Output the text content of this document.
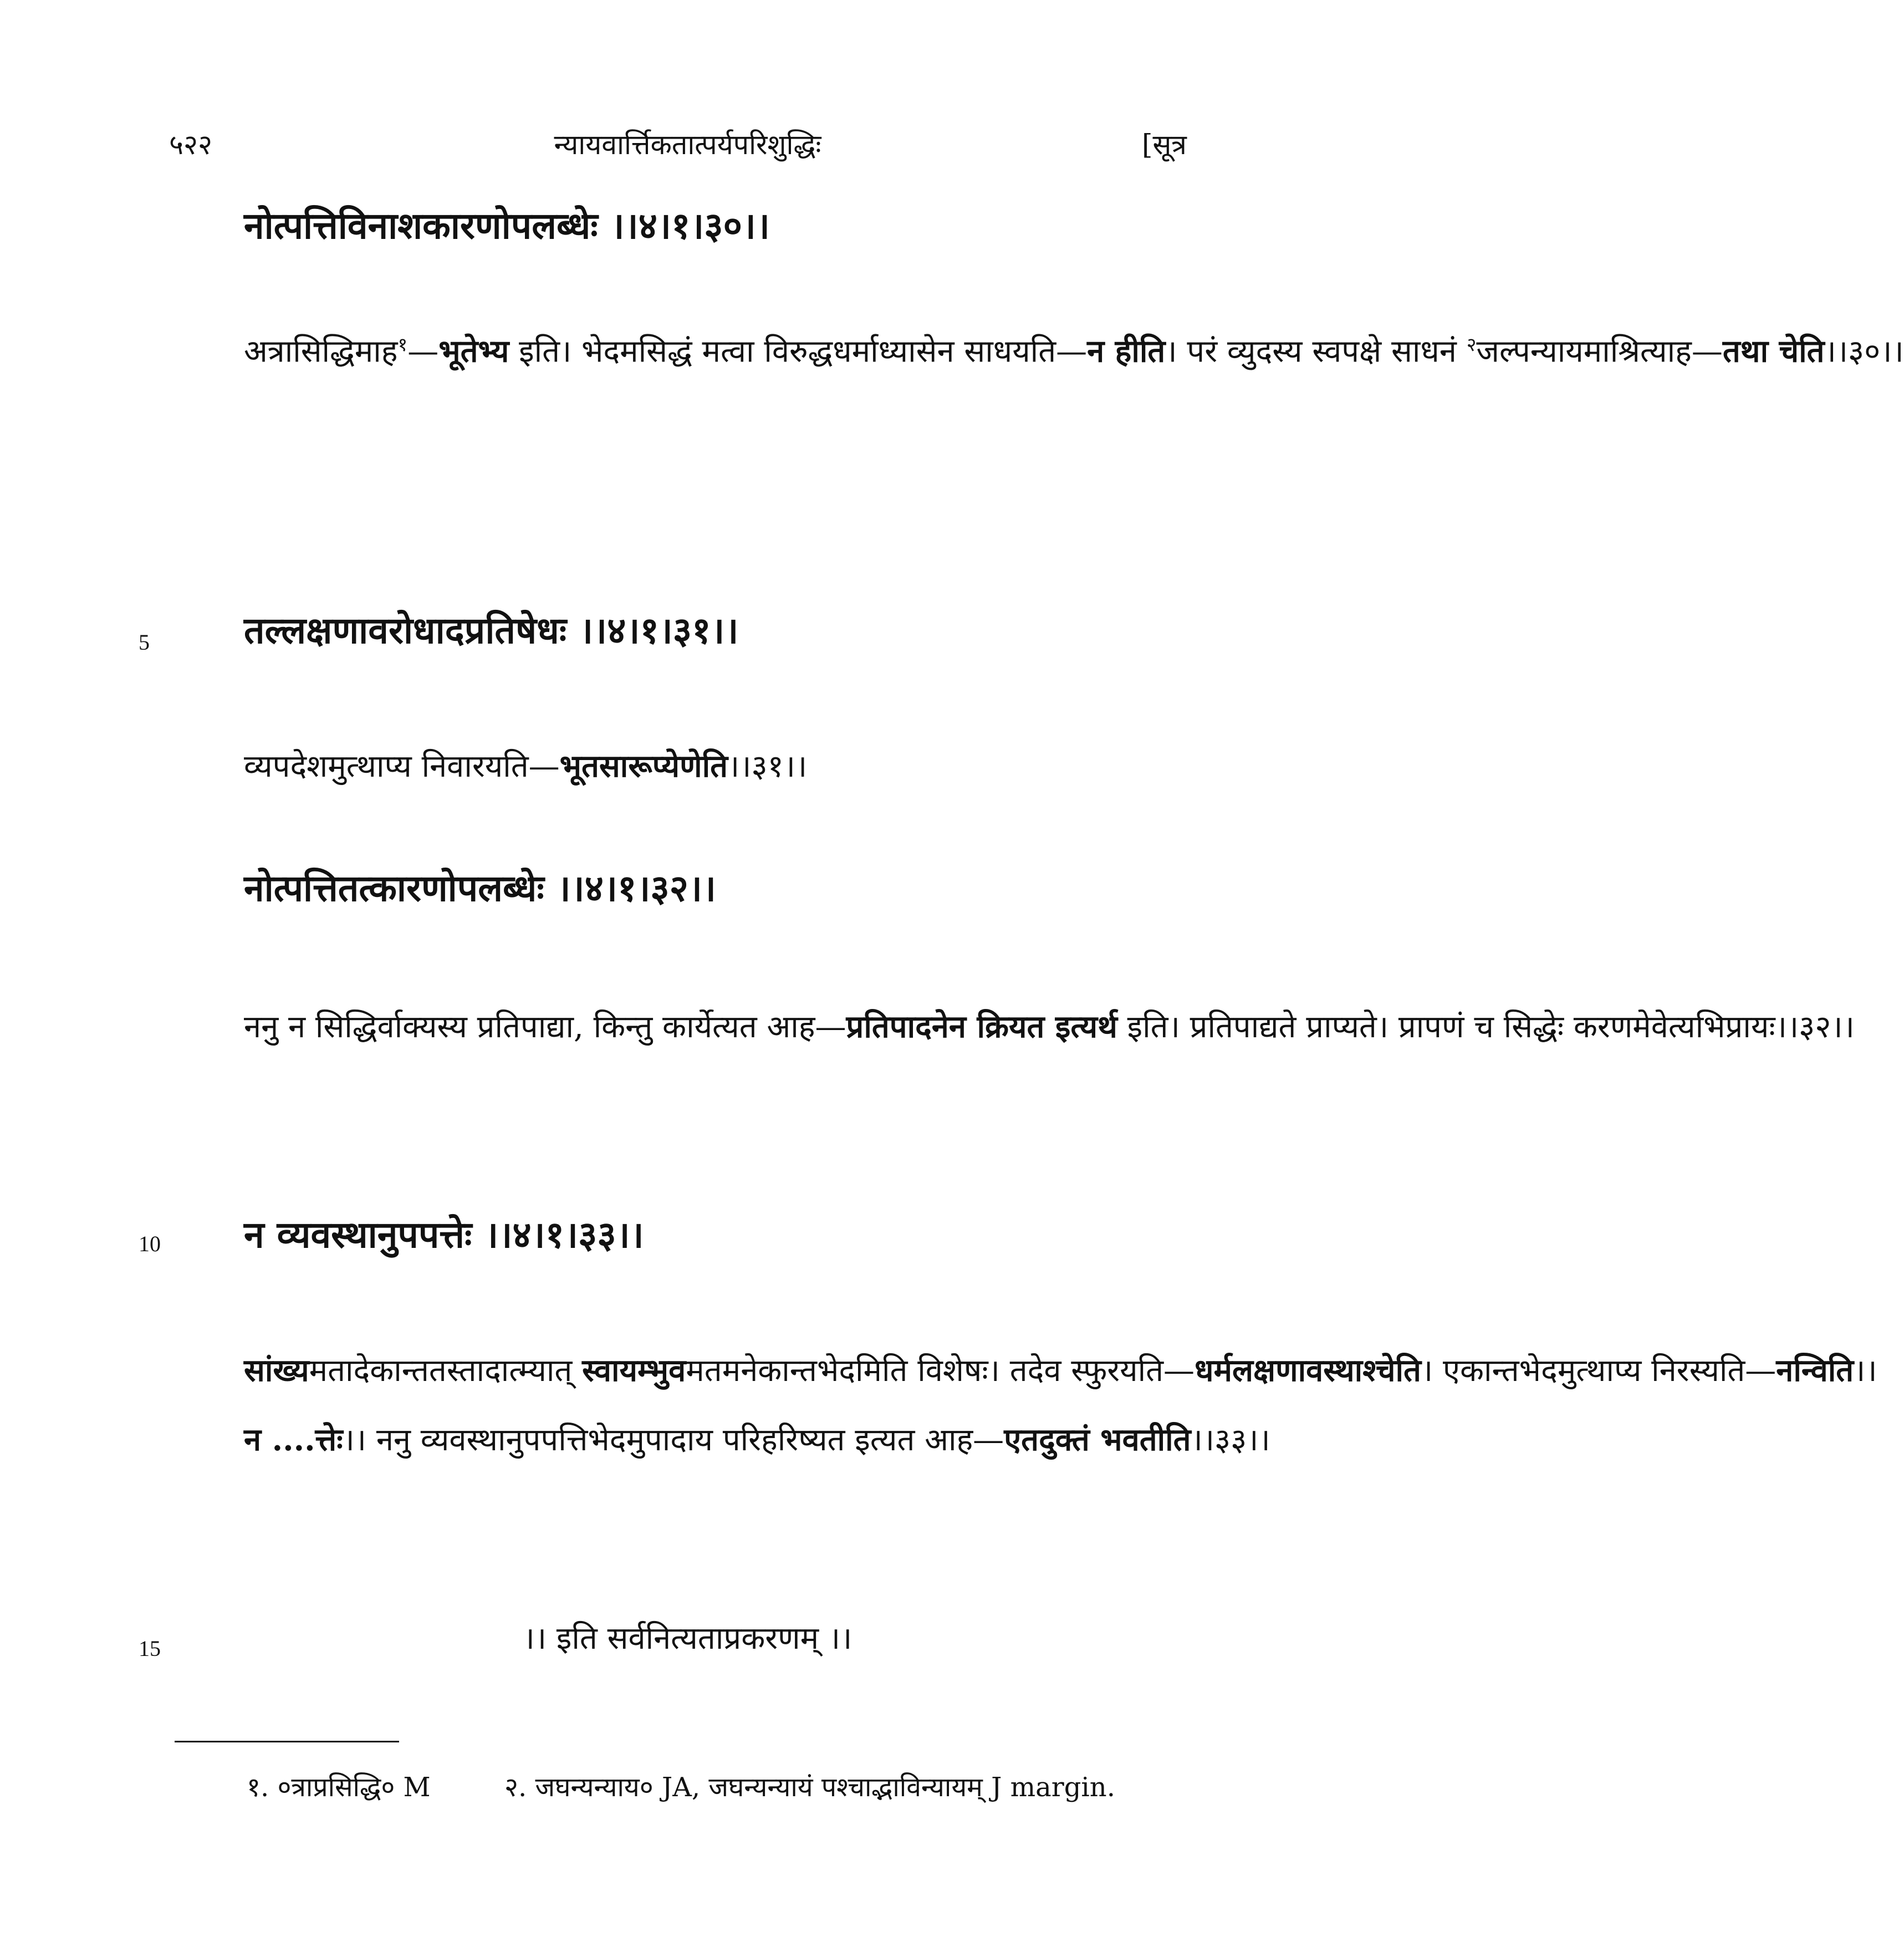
५२२	न्यायवार्त्तिकतात्पर्यपरिशुद्धिः	[सूत्र
नोत्पत्तिविनाशकारणोपलब्धेः ।।४।१।३०।।

अत्रासिद्धिमाह$^१$—भूतेभ्य इति। भेदमसिद्धं मत्वा विरुद्धधर्माध्यासेन साधयति—न हीति। परं व्युदस्य स्वपक्षे साधनं $^२$जल्पन्यायमाश्रित्याह—तथा चेति।।३०।।

5	तल्लक्षणावरोधादप्रतिषेधः ।।४।१।३१।।

व्यपदेशमुत्थाप्य निवारयति—भूतसारूप्येणेति।।३१।।

नोत्पत्तितत्कारणोपलब्धेः ।।४।१।३२।।

ननु न सिद्धिर्वाक्यस्य प्रतिपाद्या, किन्तु कार्येत्यत आह—प्रतिपादनेन क्रियत इत्यर्थ इति। प्रतिपाद्यते प्राप्यते। प्रापणं च सिद्धेः करणमेवेत्यभिप्रायः।।३२।।

10 न व्यवस्थानुपपत्तेः ।।४।१।३३।।

सांख्यमतादेकान्ततस्तादात्म्यात् स्वायम्भुवमतमनेकान्तभेदमिति विशेषः। तदेव स्फुरयति—धर्मलक्षणावस्थाश्चेति। एकान्तभेदमुत्थाप्य निरस्यति—नन्विति।।

न ....त्तेः।। ननु व्यवस्थानुपपत्तिभेदमुपादाय परिहरिष्यत इत्यत आह—एतदुक्तं भवतीति।।३३।।

15	।। इति सर्वनित्यताप्रकरणम् ।।
१. ०त्राप्रसिद्धि० M	२. जघन्यन्याय० JA, जघन्यन्यायं पश्चाद्भाविन्यायम् J margin.
